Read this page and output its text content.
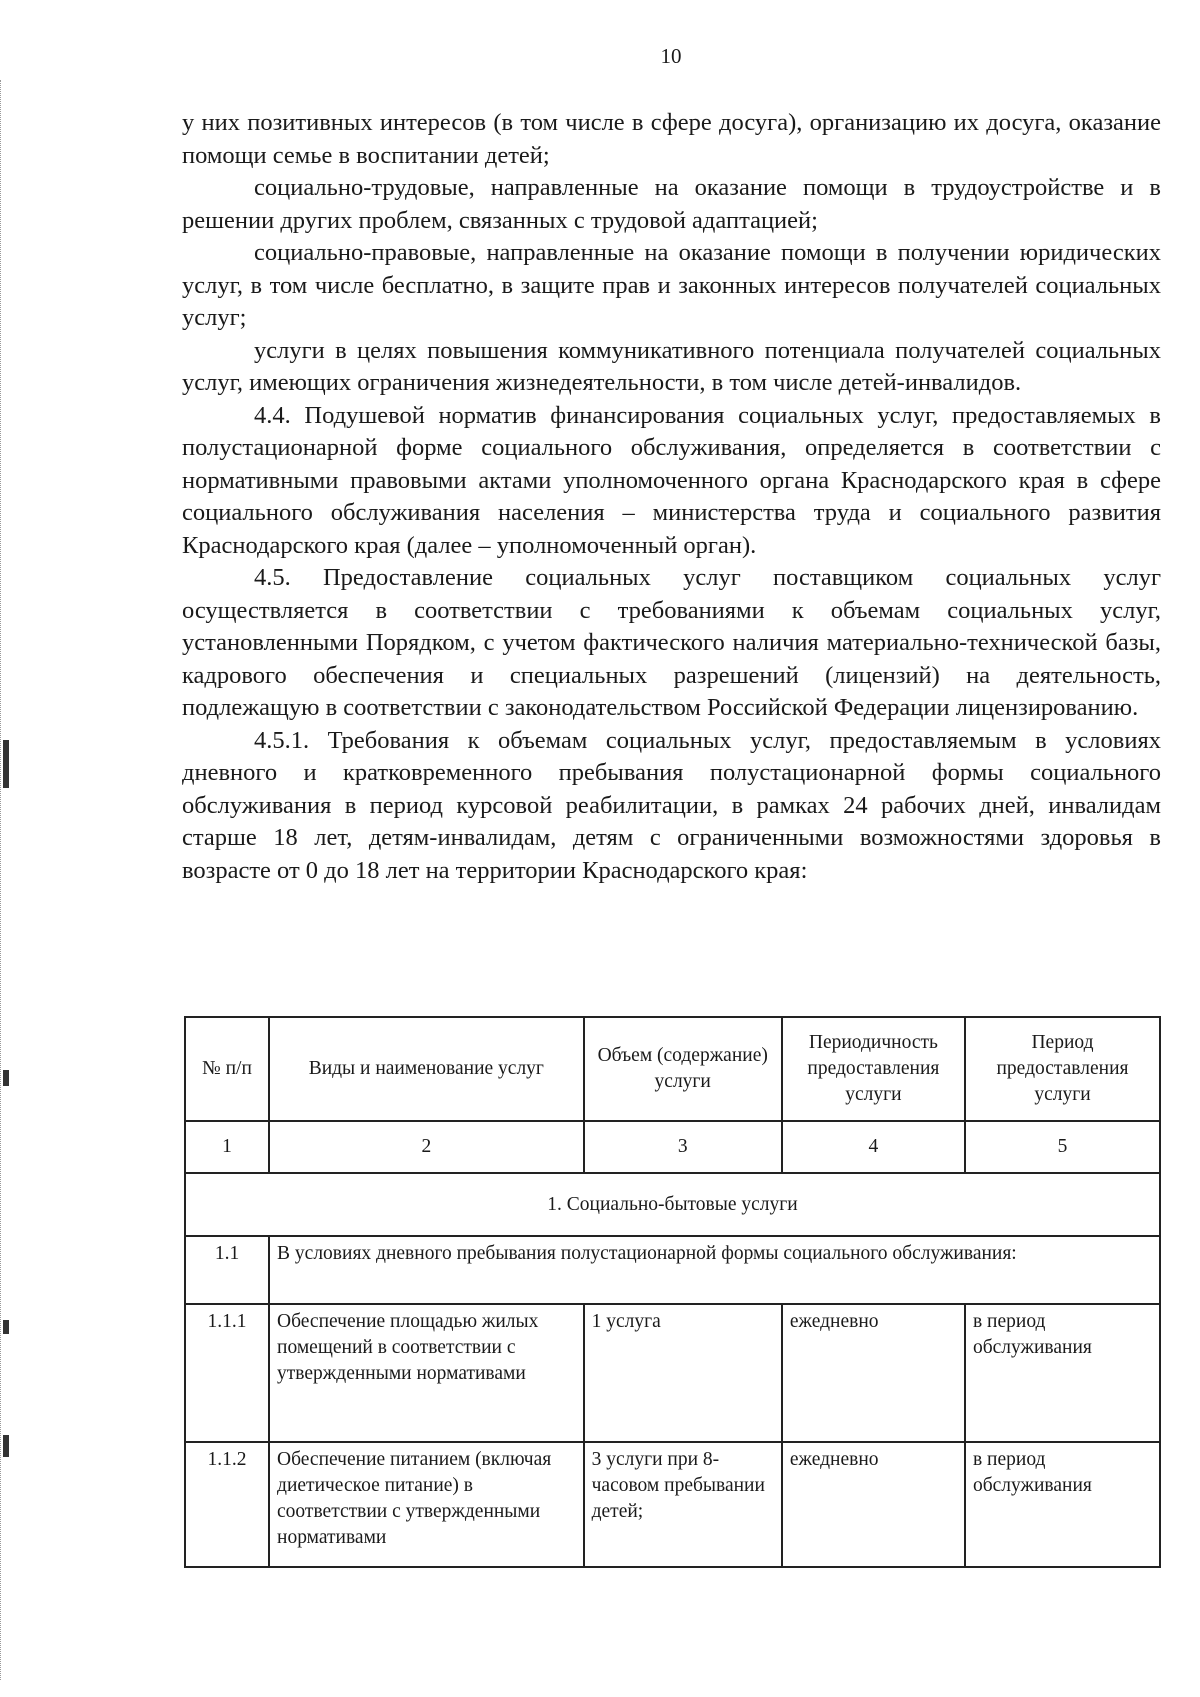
10

у них позитивных интересов (в том числе в сфере досуга), организацию их досуга, оказание помощи семье в воспитании детей;

социально-трудовые, направленные на оказание помощи в трудоустройстве и в решении других проблем, связанных с трудовой адаптацией;

социально-правовые, направленные на оказание помощи в получении юридических услуг, в том числе бесплатно, в защите прав и законных интересов получателей социальных услуг;

услуги в целях повышения коммуникативного потенциала получателей социальных услуг, имеющих ограничения жизнедеятельности, в том числе детей-инвалидов.

4.4. Подушевой норматив финансирования социальных услуг, предоставляемых в полустационарной форме социального обслуживания, определяется в соответствии с нормативными правовыми актами уполномоченного органа Краснодарского края в сфере социального обслуживания населения – министерства труда и социального развития Краснодарского края (далее – уполномоченный орган).

4.5. Предоставление социальных услуг поставщиком социальных услуг осуществляется в соответствии с требованиями к объемам социальных услуг, установленными Порядком, с учетом фактического наличия материально-технической базы, кадрового обеспечения и специальных разрешений (лицензий) на деятельность, подлежащую в соответствии с законодательством Российской Федерации лицензированию.

4.5.1. Требования к объемам социальных услуг, предоставляемым в условиях дневного и кратковременного пребывания полустационарной формы социального обслуживания в период курсовой реабилитации, в рамках 24 рабочих дней, инвалидам старше 18 лет, детям-инвалидам, детям с ограниченными возможностями здоровья в возрасте от 0 до 18 лет на территории Краснодарского края:

№ п/п	Виды и наименование услуг	Объем (содержание) услуги	Периодичность предоставления услуги	Период предоставления услуги
1	2	3	4	5
1. Социально-бытовые услуги				
1.1	В условиях дневного пребывания полустационарной формы социального обслуживания:			
1.1.1	Обеспечение площадью жилых помещений в соответствии с утвержденными нормативами	1 услуга	ежедневно	в период обслуживания
1.1.2	Обеспечение питанием (включая диетическое питание) в соответствии с утвержденными нормативами	3 услуги при 8-часовом пребывании детей;	ежедневно	в период обслуживания
